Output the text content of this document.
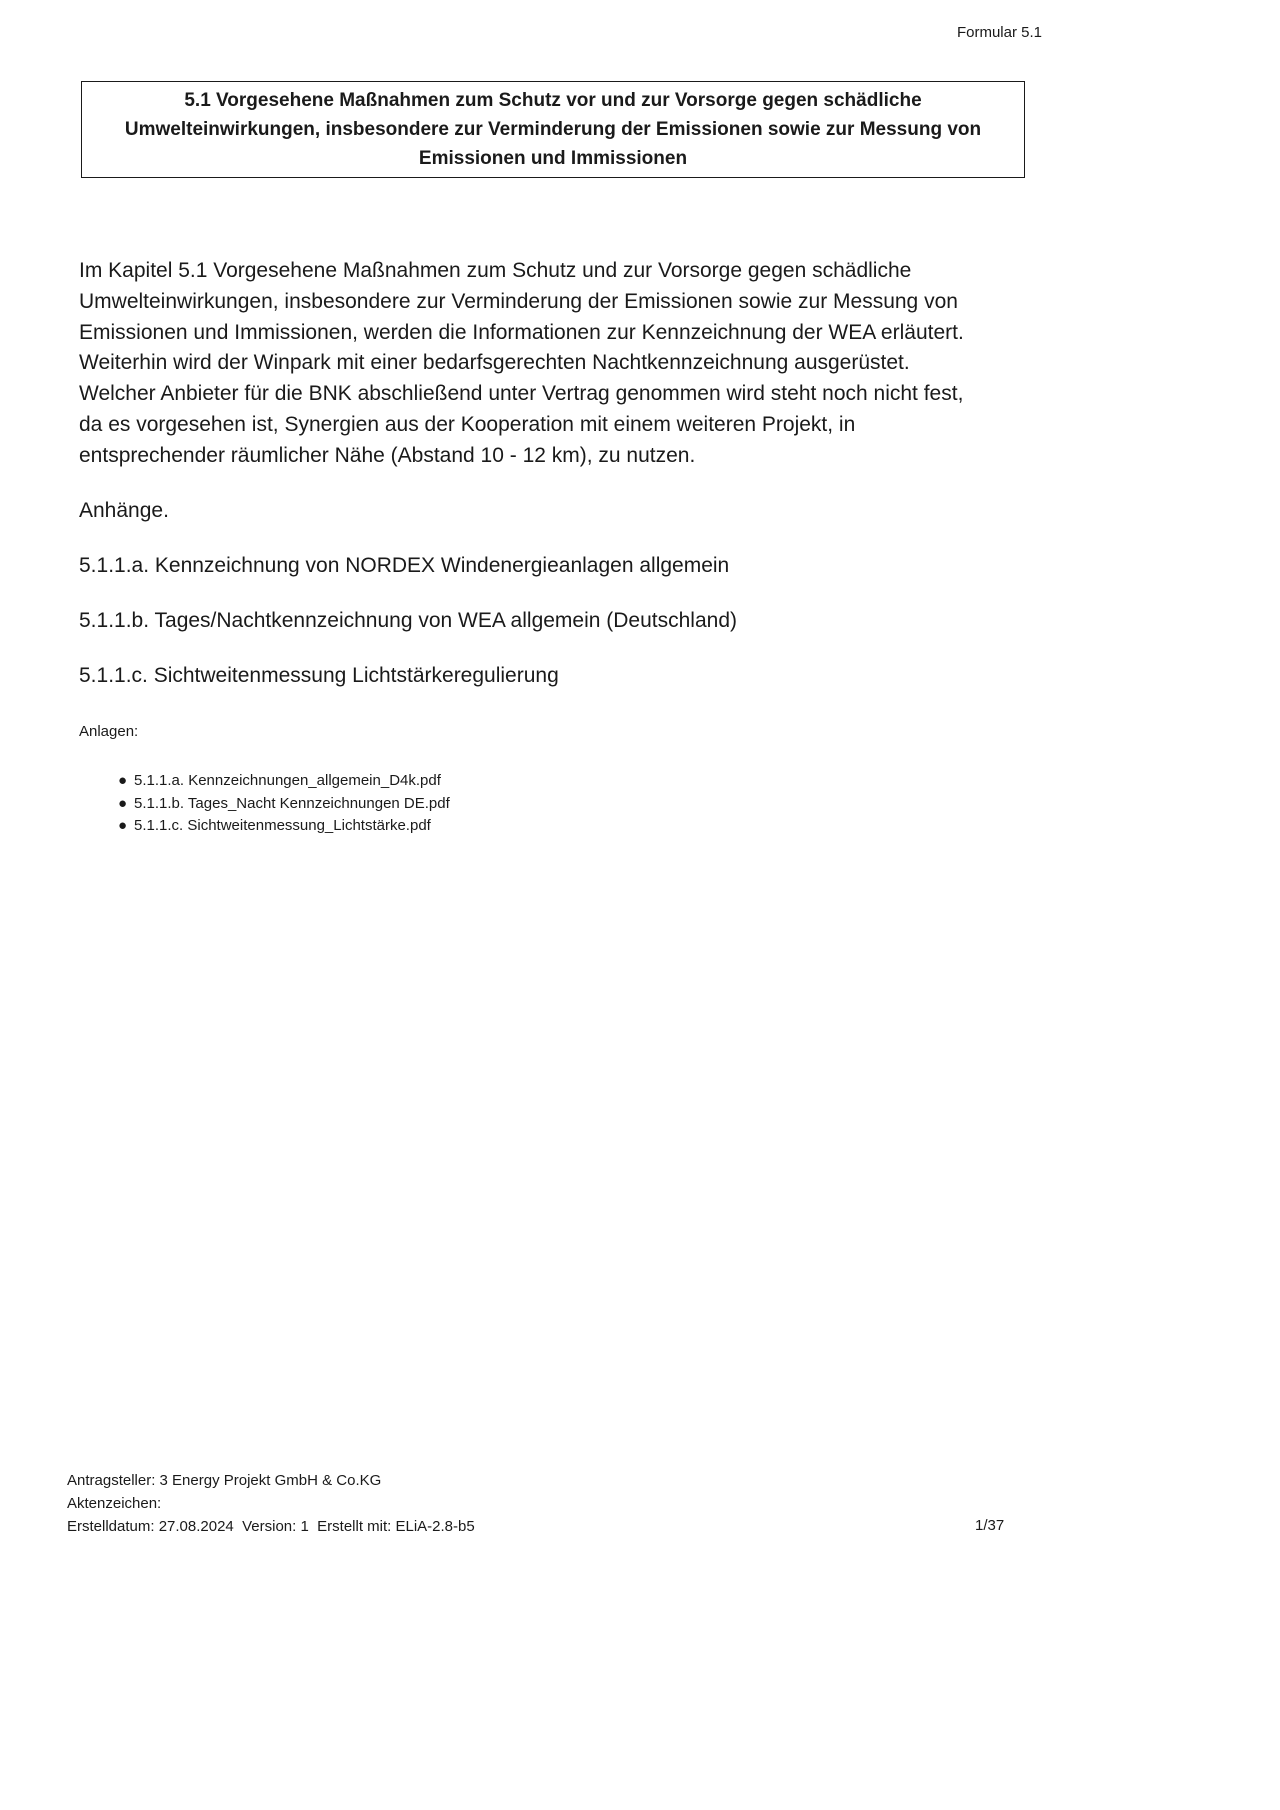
Formular 5.1
5.1 Vorgesehene Maßnahmen zum Schutz vor und zur Vorsorge gegen schädliche
Umwelteinwirkungen, insbesondere zur Verminderung der Emissionen sowie zur Messung von
Emissionen und Immissionen

Im Kapitel 5.1 Vorgesehene Maßnahmen zum Schutz und zur Vorsorge gegen schädliche
Umwelteinwirkungen, insbesondere zur Verminderung der Emissionen sowie zur Messung von
Emissionen und Immissionen, werden die Informationen zur Kennzeichnung der WEA erläutert.
Weiterhin wird der Winpark mit einer bedarfsgerechten Nachtkennzeichnung ausgerüstet.
Welcher Anbieter für die BNK abschließend unter Vertrag genommen wird steht noch nicht fest,
da es vorgesehen ist, Synergien aus der Kooperation mit einem weiteren Projekt, in
entsprechender räumlicher Nähe (Abstand 10 - 12 km), zu nutzen.

Anhänge.

5.1.1.a. Kennzeichnung von NORDEX Windenergieanlagen allgemein

5.1.1.b. Tages/Nachtkennzeichnung von WEA allgemein (Deutschland)

5.1.1.c. Sichtweitenmessung Lichtstärkeregulierung

Anlagen:
● 5.1.1.a. Kennzeichnungen_allgemein_D4k.pdf
● 5.1.1.b. Tages_Nacht Kennzeichnungen DE.pdf
● 5.1.1.c. Sichtweitenmessung_Lichtstärke.pdf
Antragsteller: 3 Energy Projekt GmbH & Co.KG
Aktenzeichen:
Erstelldatum: 27.08.2024  Version: 1  Erstellt mit: ELiA-2.8-b5	1/37
